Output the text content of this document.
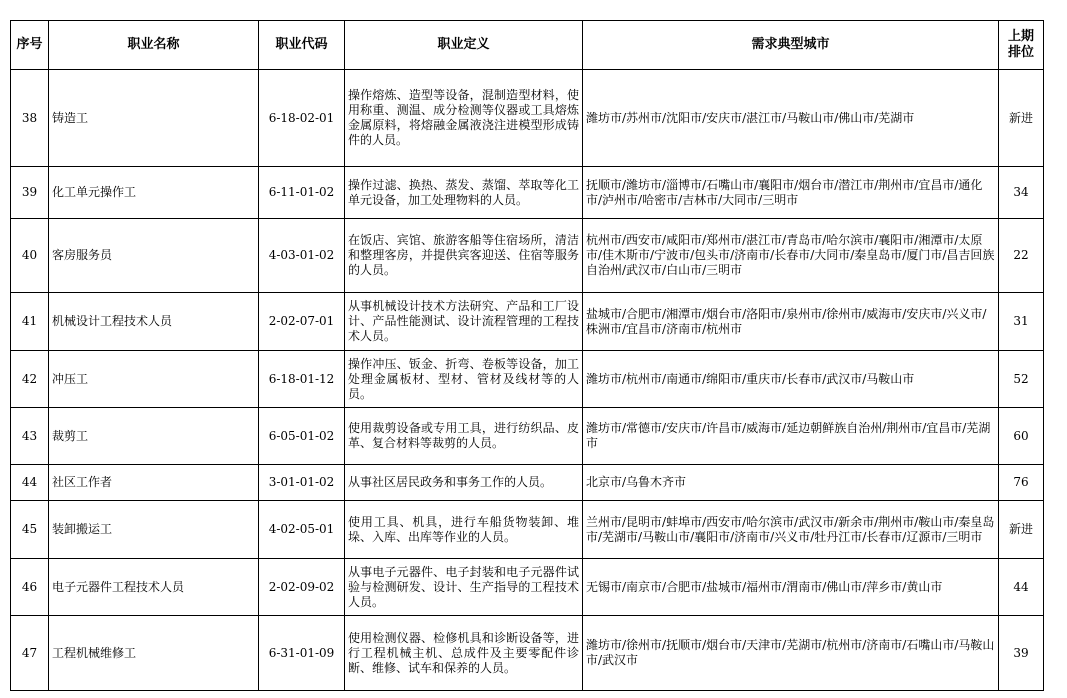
序号	职业名称	职业代码	职业定义	需求典型城市	上期排位
38	铸造工	6-18-02-01	操作熔炼、造型等设备，混制造型材料，使用称重、测温、成分检测等仪器或工具熔炼金属原料，将熔融金属液浇注进模型形成铸件的人员。	潍坊市/苏州市/沈阳市/安庆市/湛江市/马鞍山市/佛山市/芜湖市	新进
39	化工单元操作工	6-11-01-02	操作过滤、换热、蒸发、蒸馏、萃取等化工单元设备，加工处理物料的人员。	抚顺市/潍坊市/淄博市/石嘴山市/襄阳市/烟台市/潜江市/荆州市/宜昌市/通化市/泸州市/哈密市/吉林市/大同市/三明市	34
40	客房服务员	4-03-01-02	在饭店、宾馆、旅游客船等住宿场所，清洁和整理客房，并提供宾客迎送、住宿等服务的人员。	杭州市/西安市/咸阳市/郑州市/湛江市/青岛市/哈尔滨市/襄阳市/湘潭市/太原市/佳木斯市/宁波市/包头市/济南市/长春市/大同市/秦皇岛市/厦门市/昌吉回族自治州/武汉市/白山市/三明市	22
41	机械设计工程技术人员	2-02-07-01	从事机械设计技术方法研究、产品和工厂设计、产品性能测试、设计流程管理的工程技术人员。	盐城市/合肥市/湘潭市/烟台市/洛阳市/泉州市/徐州市/威海市/安庆市/兴义市/株洲市/宜昌市/济南市/杭州市	31
42	冲压工	6-18-01-12	操作冲压、钣金、折弯、卷板等设备，加工处理金属板材、型材、管材及线材等的人员。	潍坊市/杭州市/南通市/绵阳市/重庆市/长春市/武汉市/马鞍山市	52
43	裁剪工	6-05-01-02	使用裁剪设备或专用工具，进行纺织品、皮革、复合材料等裁剪的人员。	潍坊市/常德市/安庆市/许昌市/威海市/延边朝鲜族自治州/荆州市/宜昌市/芜湖市	60
44	社区工作者	3-01-01-02	从事社区居民政务和事务工作的人员。	北京市/乌鲁木齐市	76
45	装卸搬运工	4-02-05-01	使用工具、机具，进行车船货物装卸、堆垛、入库、出库等作业的人员。	兰州市/昆明市/蚌埠市/西安市/哈尔滨市/武汉市/新余市/荆州市/鞍山市/秦皇岛市/芜湖市/马鞍山市/襄阳市/济南市/兴义市/牡丹江市/长春市/辽源市/三明市	新进
46	电子元器件工程技术人员	2-02-09-02	从事电子元器件、电子封装和电子元器件试验与检测研发、设计、生产指导的工程技术人员。	无锡市/南京市/合肥市/盐城市/福州市/渭南市/佛山市/萍乡市/黄山市	44
47	工程机械维修工	6-31-01-09	使用检测仪器、检修机具和诊断设备等，进行工程机械主机、总成件及主要零配件诊断、维修、试车和保养的人员。	潍坊市/徐州市/抚顺市/烟台市/天津市/芜湖市/杭州市/济南市/石嘴山市/马鞍山市/武汉市	39
